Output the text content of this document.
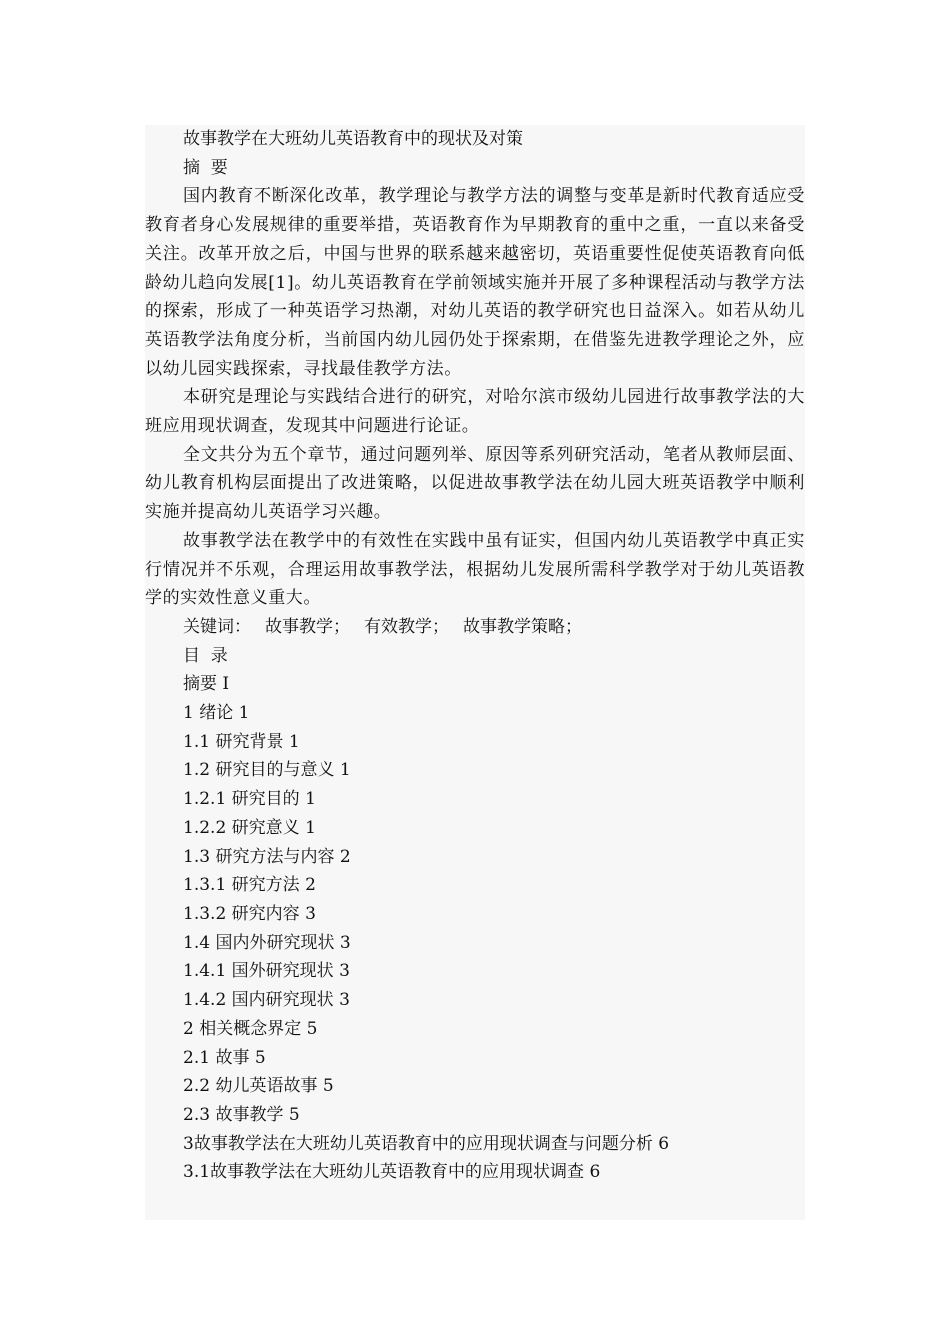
故事教学在大班幼儿英语教育中的现状及对策

摘  要

国内教育不断深化改革，教学理论与教学方法的调整与变革是新时代教育适应受教育者身心发展规律的重要举措，英语教育作为早期教育的重中之重，一直以来备受关注。改革开放之后，中国与世界的联系越来越密切，英语重要性促使英语教育向低龄幼儿趋向发展[1]。幼儿英语教育在学前领域实施并开展了多种课程活动与教学方法的探索，形成了一种英语学习热潮，对幼儿英语的教学研究也日益深入。如若从幼儿英语教学法角度分析，当前国内幼儿园仍处于探索期，在借鉴先进教学理论之外，应以幼儿园实践探索，寻找最佳教学方法。

本研究是理论与实践结合进行的研究，对哈尔滨市级幼儿园进行故事教学法的大班应用现状调查，发现其中问题进行论证。

全文共分为五个章节，通过问题列举、原因等系列研究活动，笔者从教师层面、幼儿教育机构层面提出了改进策略，以促进故事教学法在幼儿园大班英语教学中顺利实施并提高幼儿英语学习兴趣。

故事教学法在教学中的有效性在实践中虽有证实，但国内幼儿英语教学中真正实行情况并不乐观，合理运用故事教学法，根据幼儿发展所需科学教学对于幼儿英语教学的实效性意义重大。

关键词： 故事教学； 有效教学； 故事教学策略；

目  录

摘要 I

1 绪论 1

1.1 研究背景 1

1.2 研究目的与意义 1

1.2.1 研究目的 1

1.2.2 研究意义 1

1.3 研究方法与内容 2

1.3.1 研究方法 2

1.3.2 研究内容 3

1.4 国内外研究现状 3

1.4.1 国外研究现状 3

1.4.2 国内研究现状 3

2 相关概念界定 5

2.1 故事 5

2.2 幼儿英语故事 5

2.3 故事教学 5

3故事教学法在大班幼儿英语教育中的应用现状调查与问题分析 6

3.1故事教学法在大班幼儿英语教育中的应用现状调查 6
